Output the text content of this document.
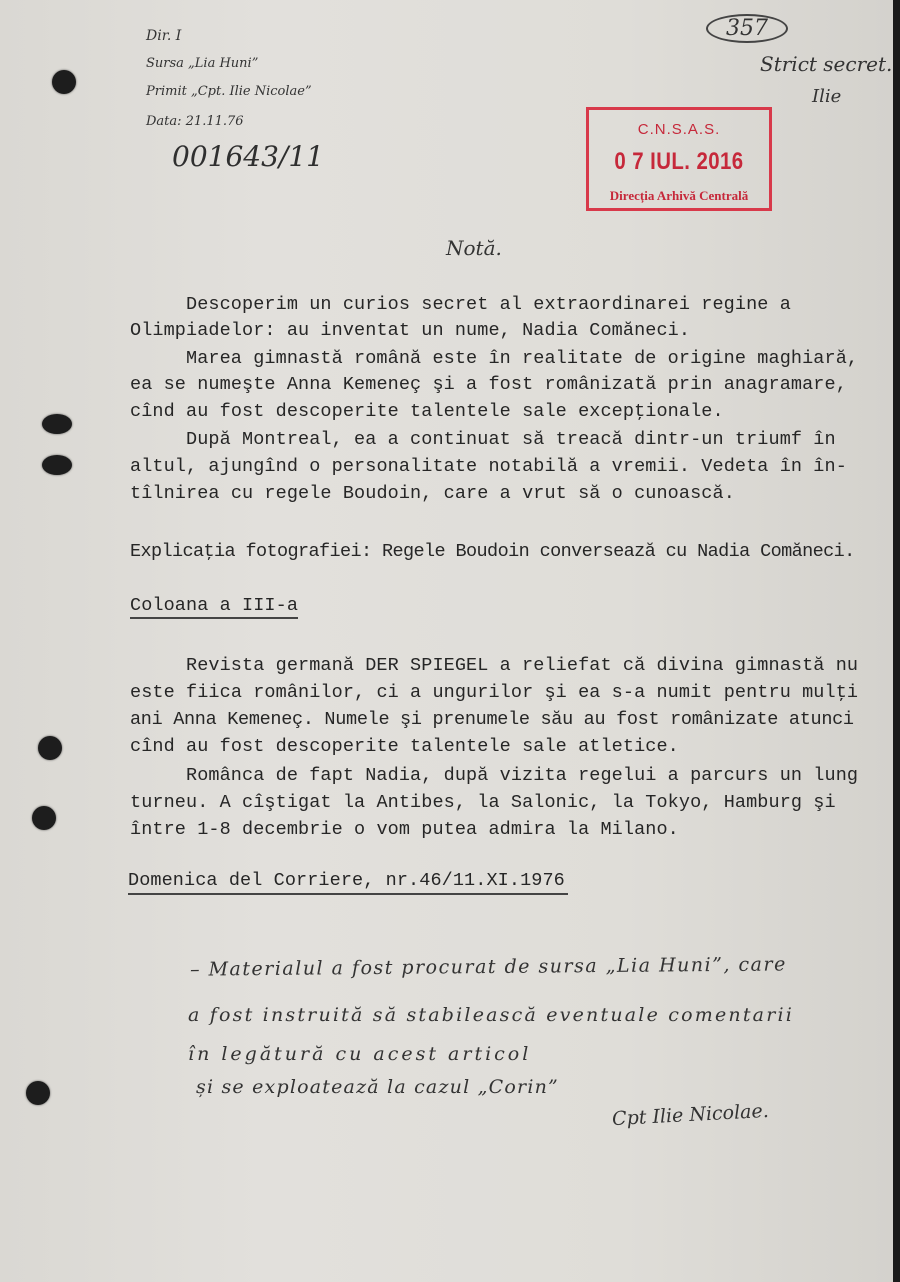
Dir. I
Sursa „Lia Huni”
Primit „Cpt. Ilie Nicolae”
Data: 21.11.76
001643/11
357
Strict secret.
Ilie
C.N.S.A.S.
0 7 IUL. 2016
Direcția Arhivă Centrală
Notă.
Descoperim un curios secret al extraordinarei regine a
Olimpiadelor: au inventat un nume, Nadia Comăneci.
Marea gimnastă română este în realitate de origine maghiară,
ea se numeşte Anna Kemeneç şi a fost românizată prin anagramare,
cînd au fost descoperite talentele sale excepţionale.
După Montreal, ea a continuat să treacă dintr-un triumf în
altul, ajungînd o personalitate notabilă a vremii. Vedeta în în-
tîlnirea cu regele Boudoin, care a vrut să o cunoască.
Explicaţia fotografiei: Regele Boudoin conversează cu Nadia Comăneci.
Coloana a III-a
Revista germană DER SPIEGEL a reliefat că divina gimnastă nu
este fiica românilor, ci a ungurilor şi ea s-a numit pentru mulţi
ani Anna Kemeneç. Numele şi prenumele său au fost românizate atunci
cînd au fost descoperite talentele sale atletice.
Românca de fapt Nadia, după vizita regelui a parcurs un lung
turneu. A cîştigat la Antibes, la Salonic, la Tokyo, Hamburg şi
între 1-8 decembrie o vom putea admira la Milano.
Domenica del Corriere, nr.46/11.XI.1976
– Materialul a fost procurat de sursa „Lia Huni”, care
a fost instruită să stabilească eventuale comentarii
în legătură cu acest articol
și se exploatează la cazul „Corin”
Cpt Ilie Nicolae.
